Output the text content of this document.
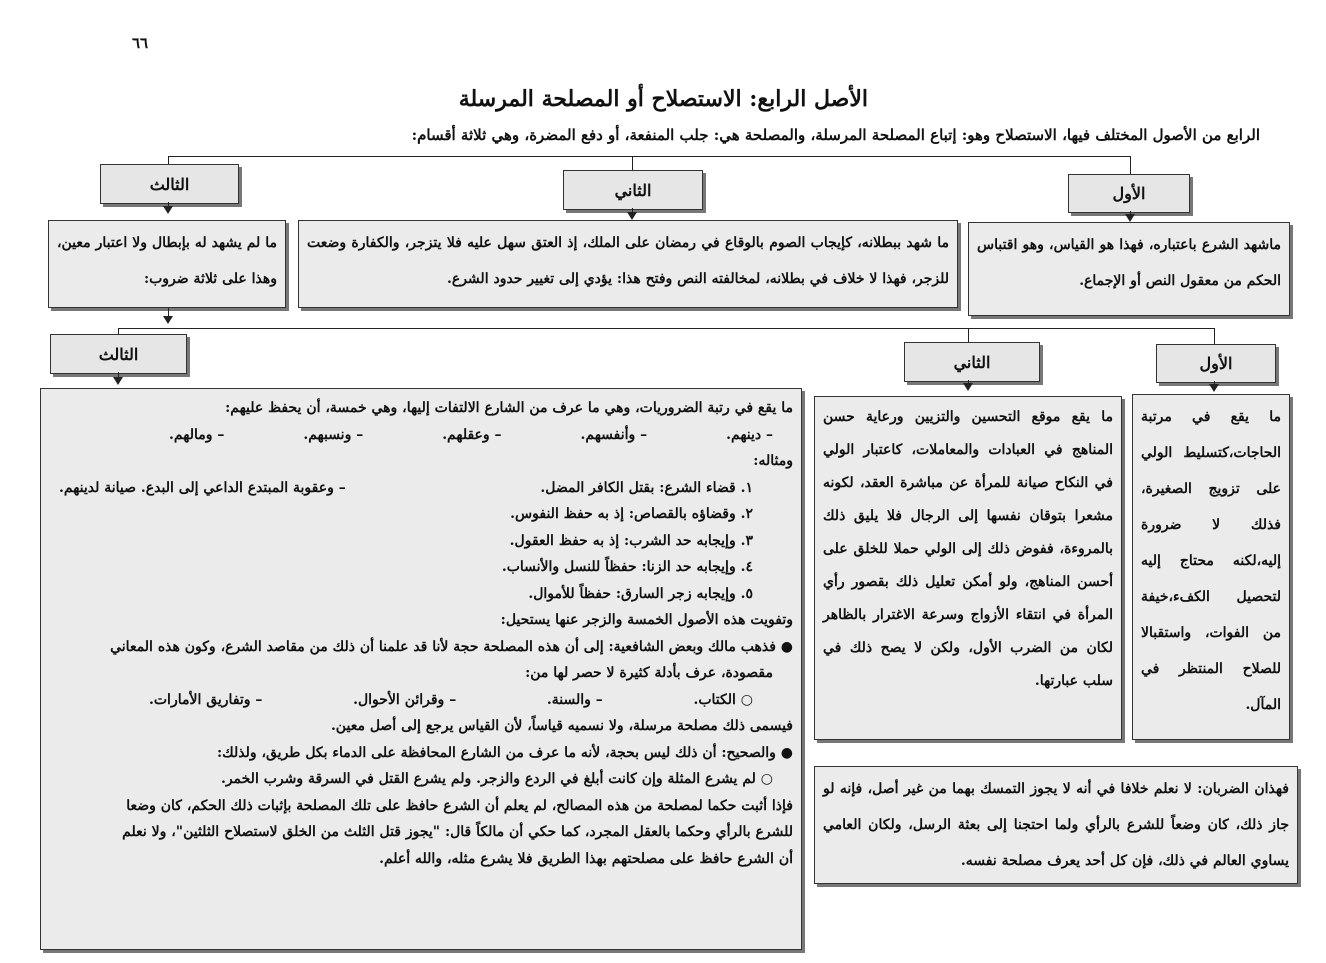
٦٦
الأصل الرابع: الاستصلاح أو المصلحة المرسلة
الرابع من الأصول المختلف فيها، الاستصلاح وهو: إتباع المصلحة المرسلة، والمصلحة هي: جلب المنفعة، أو دفع المضرة، وهي ثلاثة أقسام:
الأول
الثاني
الثالث

ماشهد الشرع باعتباره، فهذا هو القياس، وهو اقتباس الحكم من معقول النص أو الإجماع.

ما شهد ببطلانه، كإيجاب الصوم بالوقاع في رمضان على الملك، إذ العتق سهل عليه فلا يتزجر، والكفارة وضعت للزجر، فهذا لا خلاف في بطلانه، لمخالفته النص وفتح هذا: يؤدي إلى تغيير حدود الشرع.

ما لم يشهد له بإبطال ولا اعتبار معين، وهذا على ثلاثة ضروب:

الأول
الثاني
الثالث

ما يقع في مرتبة الحاجات،كتسليط الولي على تزويج الصغيرة، فذلك لا ضرورة إليه،لكنه محتاج إليه لتحصيل الكفء،خيفة من الفوات، واستقبالا للصلاح المنتظر في المآل.

ما يقع موقع التحسين والتزيين ورعاية حسن المناهج في العبادات والمعاملات، كاعتبار الولي في النكاح صيانة للمرأة عن مباشرة العقد، لكونه مشعرا بتوقان نفسها إلى الرجال فلا يليق ذلك بالمروءة، ففوض ذلك إلى الولي حملا للخلق على أحسن المناهج، ولو أمكن تعليل ذلك بقصور رأي المرأة في انتقاء الأزواج وسرعة الاغترار بالظاهر لكان من الضرب الأول، ولكن لا يصح ذلك في سلب عبارتها.

فهذان الضربان: لا نعلم خلافا في أنه لا يجوز التمسك بهما من غير أصل، فإنه لو جاز ذلك، كان وضعاً للشرع بالرأي ولما احتجنا إلى بعثة الرسل، ولكان العامي يساوي العالم في ذلك، فإن كل أحد يعرف مصلحة نفسه.

ما يقع في رتبة الضروريات، وهي ما عرف من الشارع الالتفات إليها، وهي خمسة، أن يحفظ عليهم:
– دينهم.
– وأنفسهم.
– وعقلهم.
– ونسبهم.
– ومالهم.
ومثاله:
١. قضاء الشرع: بقتل الكافر المضل.
– وعقوبة المبتدع الداعي إلى البدع. صيانة لدينهم.
٢. وقضاؤه بالقصاص: إذ به حفظ النفوس.
٣. وإيجابه حد الشرب: إذ به حفظ العقول.
٤. وإيجابه حد الزنا: حفظاً للنسل والأنساب.
٥. وإيجابه زجر السارق: حفظاً للأموال.
وتفويت هذه الأصول الخمسة والزجر عنها يستحيل:
● فذهب مالك وبعض الشافعية: إلى أن هذه المصلحة حجة لأنا قد علمنا أن ذلك من مقاصد الشرع، وكون هذه المعاني
مقصودة، عرف بأدلة كثيرة لا حصر لها من:
○ الكتاب.
– والسنة.
– وقرائن الأحوال.
– وتفاريق الأمارات.
فيسمى ذلك مصلحة مرسلة، ولا نسميه قياساً، لأن القياس يرجع إلى أصل معين.
● والصحيح: أن ذلك ليس بحجة، لأنه ما عرف من الشارع المحافظة على الدماء بكل طريق، ولذلك:
○ لم يشرع المثلة وإن كانت أبلغ في الردع والزجر. ولم يشرع القتل في السرقة وشرب الخمر.
فإذا أثبت حكما لمصلحة من هذه المصالح، لم يعلم أن الشرع حافظ على تلك المصلحة بإثبات ذلك الحكم، كان وضعا
للشرع بالرأي وحكما بالعقل المجرد، كما حكي أن مالكاً قال: "يجوز قتل الثلث من الخلق لاستصلاح الثلثين"، ولا نعلم
أن الشرع حافظ على مصلحتهم بهذا الطريق فلا يشرع مثله، والله أعلم.
